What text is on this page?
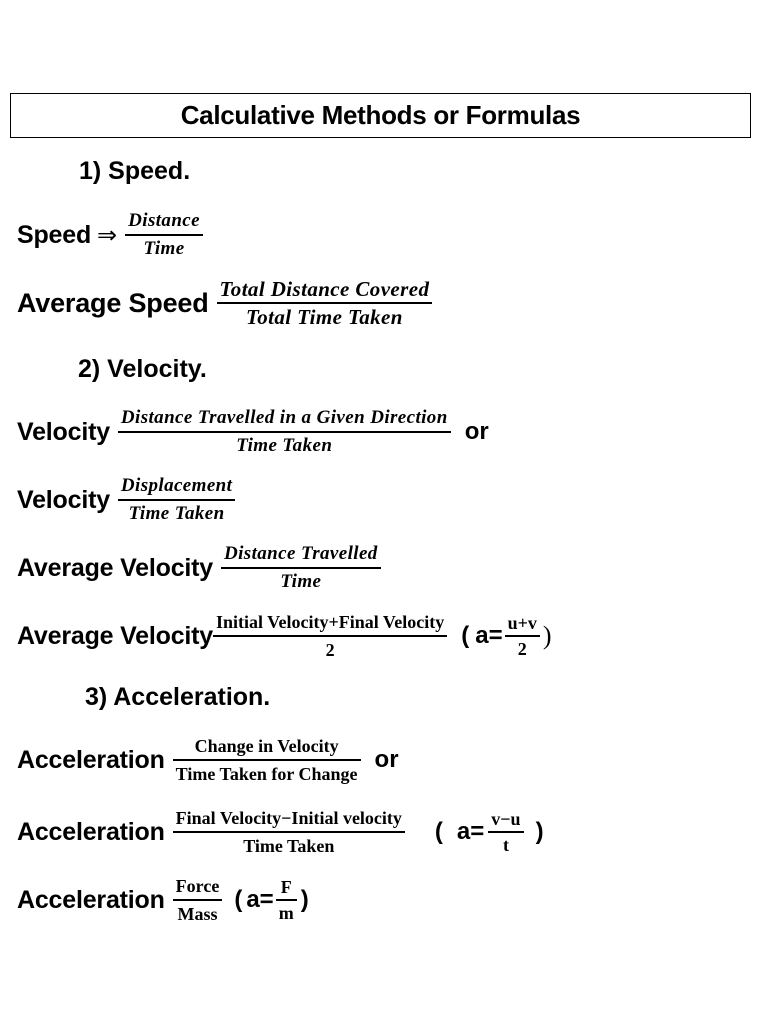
Calculative Methods or Formulas
1) Speed.
Speed ⇒ $\frac{\text{Distance}}{\text{Time}}$
Average Speed $\frac{\text{Total Distance Covered}}{\text{Total Time Taken}}$
2) Velocity.
Velocity $\frac{\text{Distance Travelled in a Given Direction}}{\text{Time Taken}}$ or
Velocity $\frac{\text{Displacement}}{\text{Time Taken}}$
Average Velocity $\frac{\text{Distance Travelled}}{\text{Time}}$
Average Velocity $\frac{\text{Initial Velocity+Final Velocity}}{2}$ ( $a= \frac{u+v}{2}$ )
3) Acceleration.
Acceleration $\frac{\text{Change in Velocity}}{\text{Time Taken for Change}}$ or
Acceleration $\frac{\text{Final Velocity−Initial velocity}}{\text{Time Taken}}$ ( $a= \frac{v-u}{t}$ )
Acceleration $\frac{\text{Force}}{\text{Mass}}$ ( $a= \frac{F}{m}$ )
